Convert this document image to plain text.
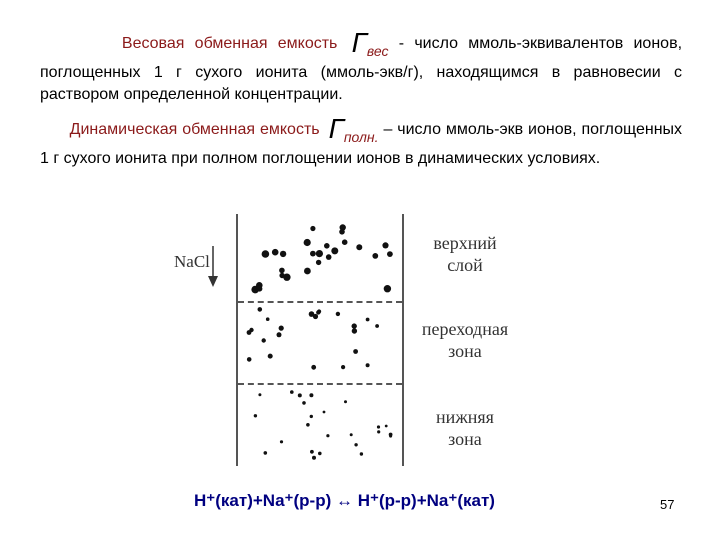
Весовая обменная емкость Гвес - число ммоль-эквивалентов ионов, поглощенных 1 г сухого ионита (ммоль-экв/г), находящимся в равновесии с раствором определенной концентрации.
Динамическая обменная емкость Гполн. – число ммоль-экв ионов, поглощенных 1 г сухого ионита при полном поглощении ионов в динамических условиях.
NaCl
верхний
слой
переходная
зона
нижняя
зона
H⁺(кат)+Na⁺(р-р) ↔ H⁺(р-р)+Na⁺(кат)	57
